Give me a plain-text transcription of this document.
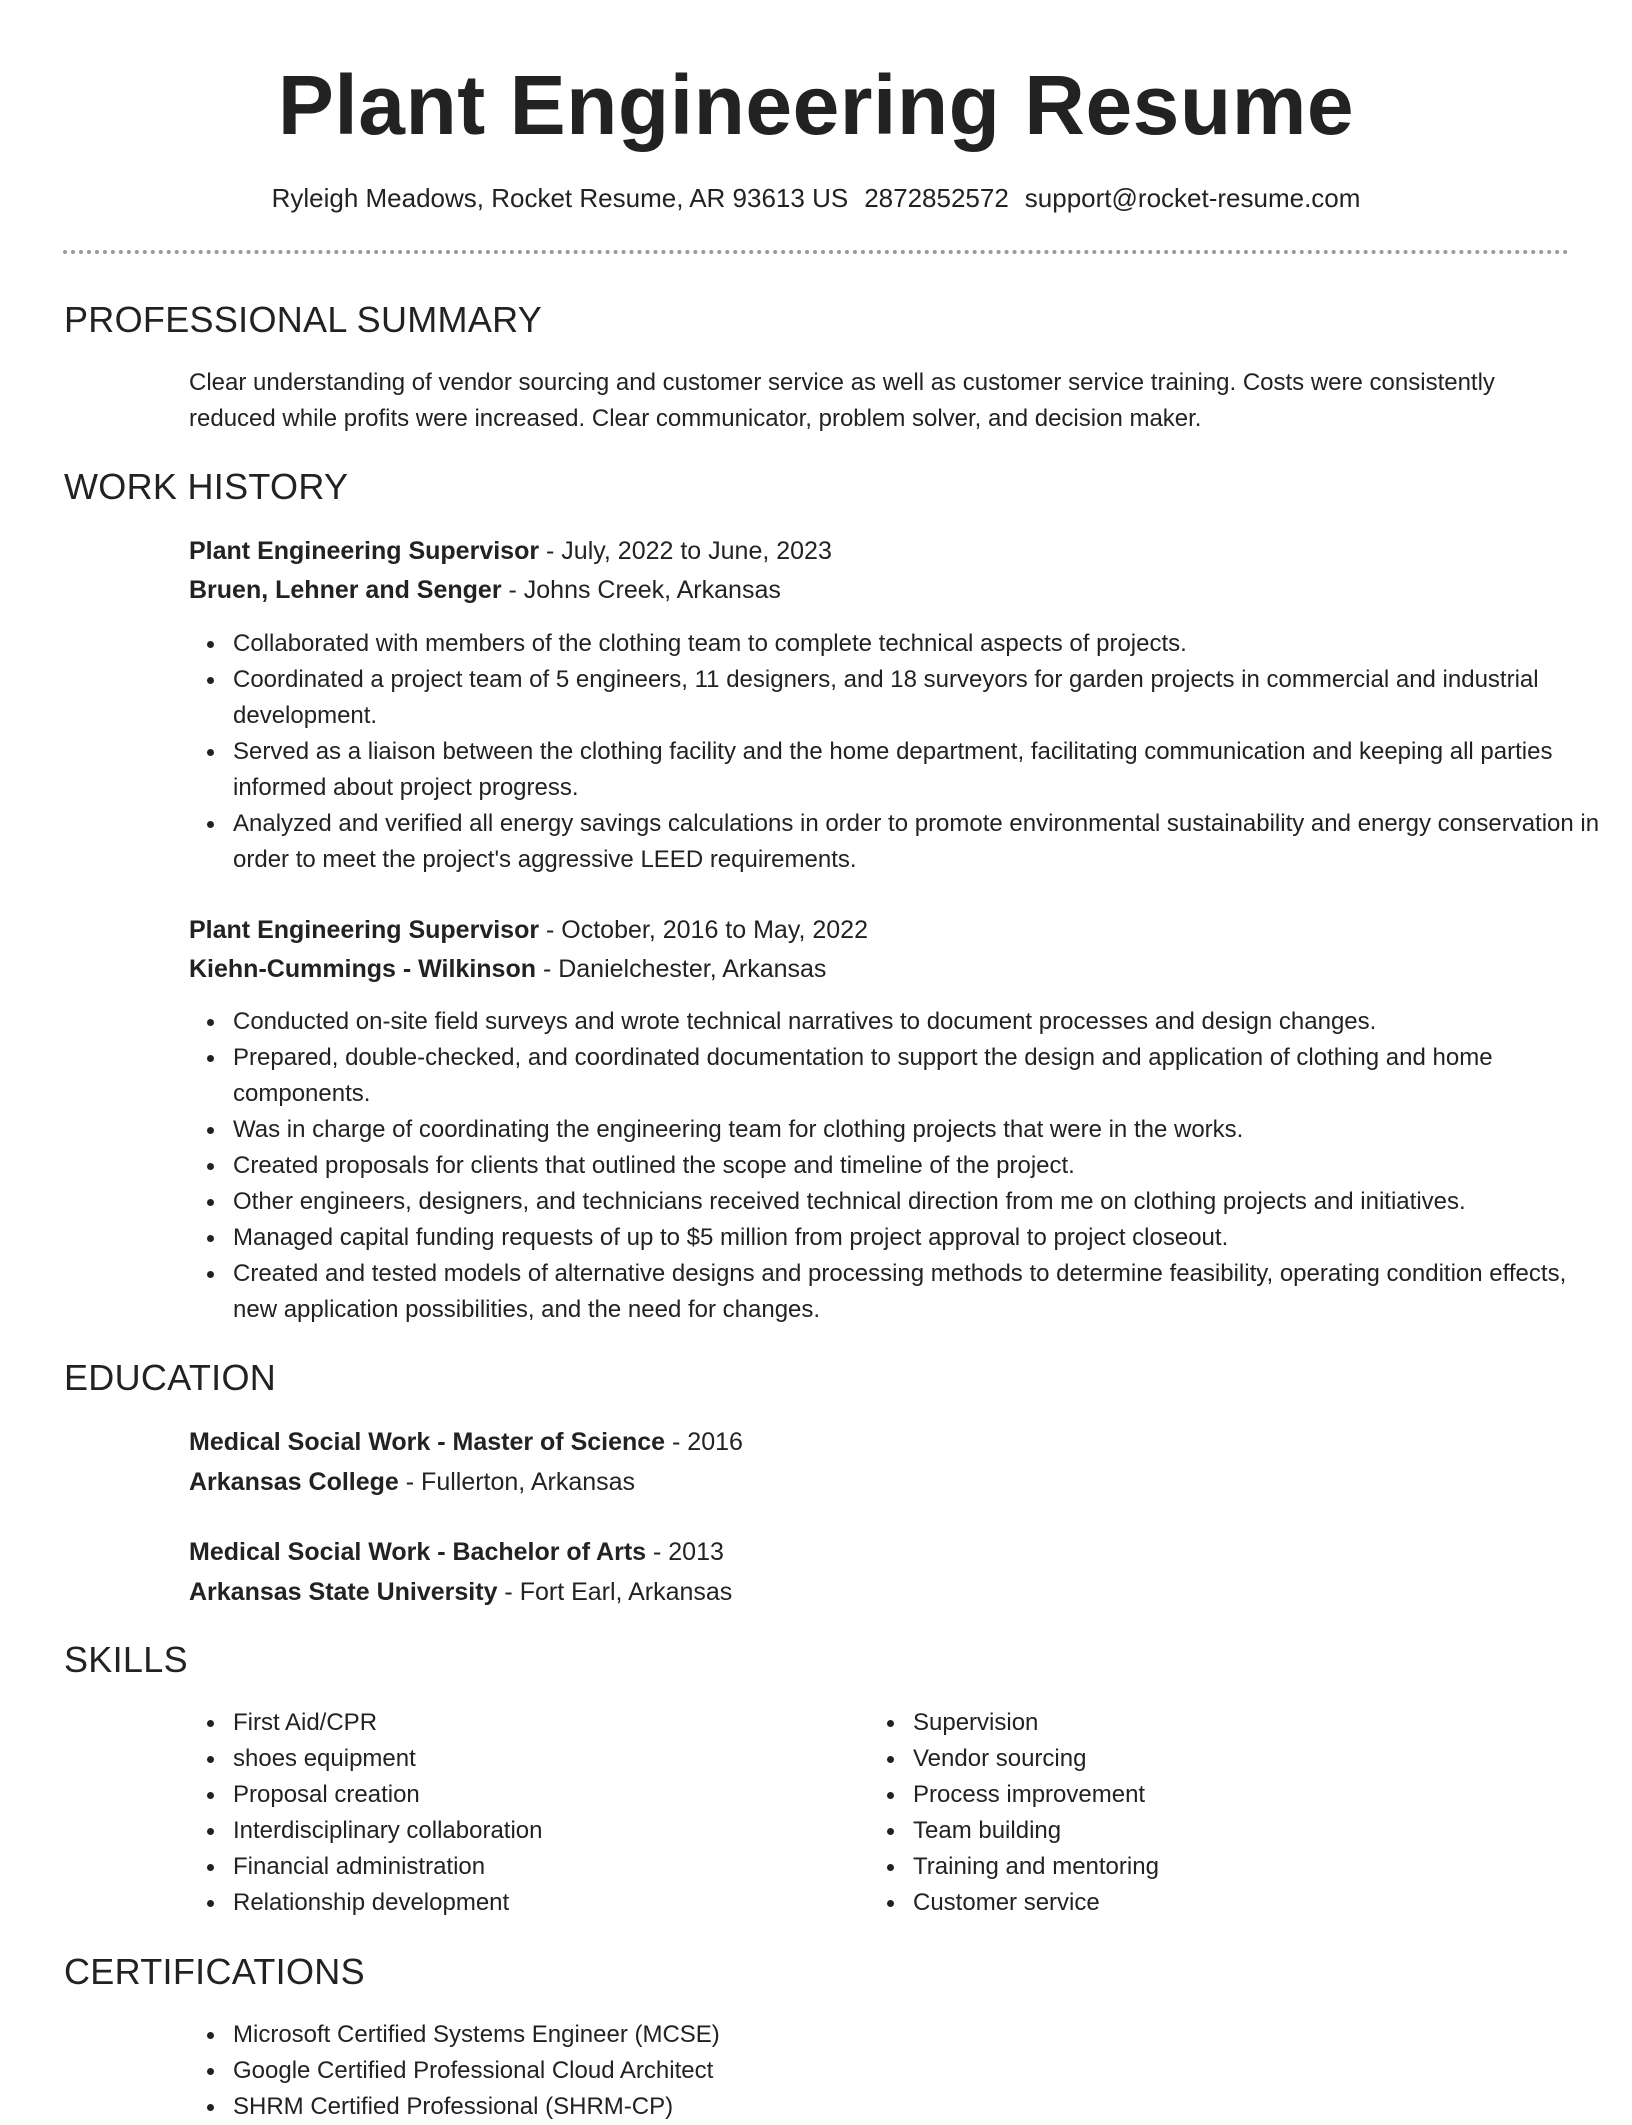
Plant Engineering Resume
Ryleigh Meadows, Rocket Resume, AR 93613 US 2872852572 support@rocket-resume.com
PROFESSIONAL SUMMARY
Clear understanding of vendor sourcing and customer service as well as customer service training. Costs were consistently reduced while profits were increased. Clear communicator, problem solver, and decision maker.
WORK HISTORY
Plant Engineering Supervisor - July, 2022 to June, 2023
Bruen, Lehner and Senger - Johns Creek, Arkansas
Collaborated with members of the clothing team to complete technical aspects of projects.
Coordinated a project team of 5 engineers, 11 designers, and 18 surveyors for garden projects in commercial and industrial development.
Served as a liaison between the clothing facility and the home department, facilitating communication and keeping all parties informed about project progress.
Analyzed and verified all energy savings calculations in order to promote environmental sustainability and energy conservation in order to meet the project's aggressive LEED requirements.
Plant Engineering Supervisor - October, 2016 to May, 2022
Kiehn-Cummings - Wilkinson - Danielchester, Arkansas
Conducted on-site field surveys and wrote technical narratives to document processes and design changes.
Prepared, double-checked, and coordinated documentation to support the design and application of clothing and home components.
Was in charge of coordinating the engineering team for clothing projects that were in the works.
Created proposals for clients that outlined the scope and timeline of the project.
Other engineers, designers, and technicians received technical direction from me on clothing projects and initiatives.
Managed capital funding requests of up to $5 million from project approval to project closeout.
Created and tested models of alternative designs and processing methods to determine feasibility, operating condition effects, new application possibilities, and the need for changes.
EDUCATION
Medical Social Work - Master of Science - 2016
Arkansas College - Fullerton, Arkansas
Medical Social Work - Bachelor of Arts - 2013
Arkansas State University - Fort Earl, Arkansas
SKILLS
First Aid/CPR
shoes equipment
Proposal creation
Interdisciplinary collaboration
Financial administration
Relationship development
Supervision
Vendor sourcing
Process improvement
Team building
Training and mentoring
Customer service
CERTIFICATIONS
Microsoft Certified Systems Engineer (MCSE)
Google Certified Professional Cloud Architect
SHRM Certified Professional (SHRM-CP)
